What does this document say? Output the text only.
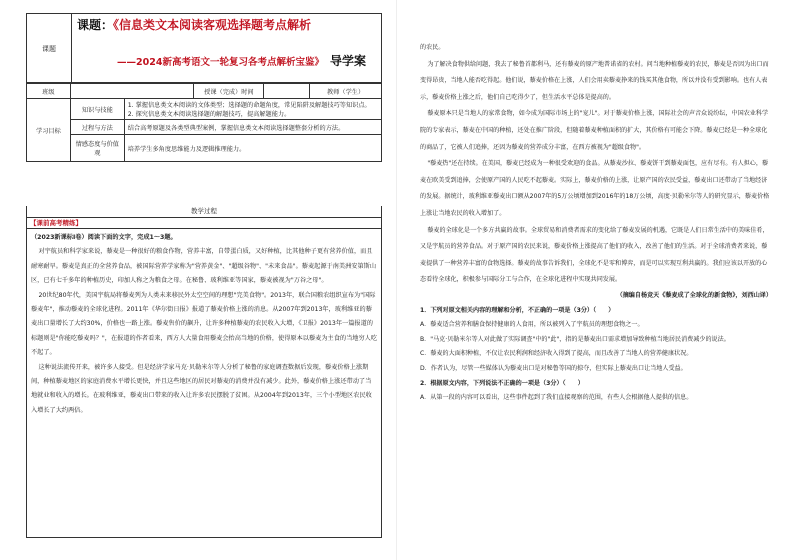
课题
课题：《信息类文本阅读客观选择题考点解析
——2024新高考语文一轮复习各考点解析宝鉴》 导学案
班级			授课（完成）时间		教师（学生）
学习目标	知识与技能	1. 掌握信息类文本阅读的文体类型；选择题的命题角度，常见陷阱及解题技巧等知识点。
2. 探究信息类文本阅读选择题的解题技巧，提高解题能力。			

	过程与方法	结合高考原题及各类型典型案例，掌握信息类文本阅读选择题整套分析的方法。			
	情感态度与价值观	培养学生多角度思维能力及逻辑推理能力。			
教学过程
【课前高考精练】

（2023新课标Ⅰ卷）阅读下面的文字，完成1～3题。

对宇航员和科学家来说，藜麦是一种很好的粮食作物，营养丰富，自带蛋白质，又好种植，比其他种子更有营养价值，而且耐寒耐旱。藜麦是真正的全营养食品，被国际营养学家称为"营养黄金"、"超级谷物"、"未来食品"。藜麦起源于南美洲安第斯山区，已有七千多年的种植历史，印加人称之为粮食之母。在秘鲁、玻利维亚等国家，藜麦被视为"万谷之母"。

20世纪80年代，美国宇航局将藜麦列为人类未来移民外太空空间的理想"完美食物"。2013年，联合国粮农组织宣布为"国际藜麦年"，推动藜麦的全球化进程。2011年《华尔街日报》报道了藜麦价格上涨的消息。从2007年到2013年，玻利维亚的藜麦出口量增长了大约30%，价格也一路上涨。藜麦售价的飙升，让许多种植藜麦的农民收入大增，《卫报》2013年一篇报道的标题则是"你能吃藜麦吗？"，在报道的作者看来，西方人大量食用藜麦会抬高当地的价格，使得原本以藜麦为主食的当地穷人吃不起了。

这种说法流传开来，被许多人接受。但是经济学家马克·贝勒米尔等人分析了秘鲁的家庭调查数据后发现，藜麦价格上涨期间，种植藜麦地区的家庭消费水平增长更快，并且这些地区的居民对藜麦的消费并没有减少。此外，藜麦价格上涨还带动了当地就业和收入的增长。在玻利维亚，藜麦出口带来的收入让许多农民摆脱了贫困。从2004年到2013年，三个小型地区农民收入增长了大约两倍。

的农民。

为了解决食物供给问题，我去了秘鲁首都利马，还有藜麦的原产地普诺省的农村。问当地种植藜麦的农民，藜麦是否因为出口而变得昂贵，当地人能否吃得起。他们说，藜麦价格在上涨，人们会用卖藜麦挣来的钱买其他食物，所以并没有受到影响。也有人表示，藜麦价格上涨之后，他们自己吃得少了，但生活水平总体是提高的。

藜麦原本只是当地人的家常食物，如今成为国际市场上的"宠儿"。对于藜麦价格上涨，国际社会的声音众说纷纭，中国农业科学院的专家表示，藜麦在中国的种植，还处在推广阶段，但随着藜麦种植面积的扩大，其价格有可能会下降。藜麦已经是一种全球化的商品了，它被人们追捧，还因为藜麦的营养成分丰富，在西方被视为"超级食物"。

"藜麦热"还在持续。在美国，藜麦已经成为一种很受欢迎的食品。从藜麦沙拉、藜麦饼干到藜麦面包，应有尽有。有人担心，藜麦在欧美受到追捧，会使原产国的人民吃不起藜麦。实际上，藜麦价格的上涨，让原产国的农民受益，藜麦出口还带动了当地经济的发展。据统计，玻利维亚藜麦出口额从2007年的5万公顷增加到2016年的18万公顷，高度·贝勒米尔等人的研究显示，藜麦价格上涨让当地农民的收入增加了。

藜麦的全球化是一个多方共赢的故事。全球贸易和消费者需求的变化给了藜麦发展的机遇，它既是人们日常生活中的美味佳肴，又是宇航员的营养食品。对于原产国的农民来说，藜麦价格上涨提高了他们的收入，改善了他们的生活。对于全球消费者来说，藜麦提供了一种营养丰富的食物选择。藜麦的故事告诉我们，全球化不是零和博弈，而是可以实现互利共赢的。我们应该以开放的心态看待全球化，积极参与国际分工与合作，在全球化进程中实现共同发展。

（摘编自杨竞天《藜麦成了全球化的新食物》，刘西山译）
1．下列对原文相关内容的理解和分析，不正确的一项是（3分）（　　）
A．藜麦适合营养和膳食保持健康的人食用，所以被列入了宇航员的理想食物之一。
B．"马克·贝勒米尔等人对此做了实际调查"中的"此"，指的是藜麦出口需求增加导致种植当地居民消费减少的说法。
C．藜麦的大面积种植，不仅让农民利润和经济收入得到了提高，而且改善了当地人的营养健康状况。
D．作者认为，尽管一些媒体认为藜麦出口是对秘鲁等国的掠夺，但实际上藜麦出口让当地人受益。
2．根据原文内容，下列说法不正确的一项是（3分）（　　）
A．从第一段的内容可以看出，这些事件起到了我们直接观察的范围，有些人会根据他人提供的信息。
